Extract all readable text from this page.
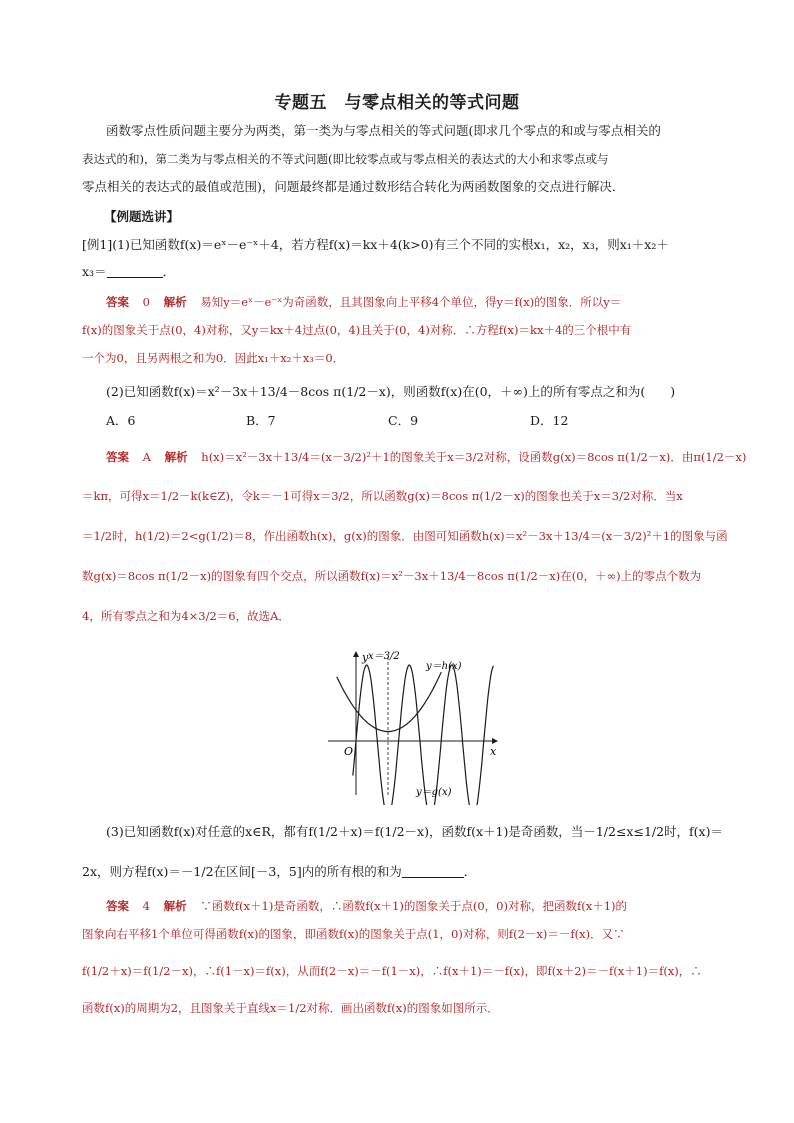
专题五　与零点相关的等式问题
函数零点性质问题主要分为两类，第一类为与零点相关的等式问题(即求几个零点的和或与零点相关的
表达式的和)，第二类为与零点相关的不等式问题(即比较零点或与零点相关的表达式的大小和求零点或与
零点相关的表达式的最值或范围)，问题最终都是通过数形结合转化为两函数图象的交点进行解决．
【例题选讲】
[例1](1)已知函数f(x)＝eˣ－e⁻ˣ＋4，若方程f(x)＝kx＋4(k>0)有三个不同的实根x₁，x₂，x₃，则x₁＋x₂＋
x₃＝	．
答案 0 解析 易知y＝eˣ－e⁻ˣ为奇函数，且其图象向上平移4个单位，得y＝f(x)的图象．所以y＝
f(x)的图象关于点(0，4)对称，又y＝kx＋4过点(0，4)且关于(0，4)对称．∴方程f(x)＝kx＋4的三个根中有
一个为0，且另两根之和为0．因此x₁＋x₂＋x₃＝0．
(2)已知函数f(x)＝x²－3x＋13/4－8cos π(1/2－x)，则函数f(x)在(0，＋∞)上的所有零点之和为(　　)
A．6	B．7	C．9	D．12
答案 A 解析 h(x)＝x²－3x＋13/4＝(x－3/2)²＋1的图象关于x＝3/2对称，设函数g(x)＝8cos π(1/2－x)．由π(1/2－x)
＝kπ，可得x＝1/2－k(k∈Z)，令k＝－1可得x＝3/2，所以函数g(x)＝8cos π(1/2－x)的图象也关于x＝3/2对称．当x
＝1/2时，h(1/2)＝2<g(1/2)＝8，作出函数h(x)，g(x)的图象．由图可知函数h(x)＝x²－3x＋13/4＝(x－3/2)²＋1的图象与函
数g(x)＝8cos π(1/2－x)的图象有四个交点，所以函数f(x)＝x²－3x＋13/4－8cos π(1/2－x)在(0，＋∞)上的零点个数为
4，所有零点之和为4×3/2＝6，故选A．
y
x
O
x＝3/2
y＝h(x)
y＝g(x)
(3)已知函数f(x)对任意的x∈R，都有f(1/2＋x)＝f(1/2－x)，函数f(x＋1)是奇函数，当－1/2≤x≤1/2时，f(x)＝
2x，则方程f(x)＝－1/2在区间[－3，5]内的所有根的和为	．
答案 4 解析 ∵函数f(x＋1)是奇函数，∴函数f(x＋1)的图象关于点(0，0)对称，把函数f(x＋1)的
图象向右平移1个单位可得函数f(x)的图象，即函数f(x)的图象关于点(1，0)对称，则f(2－x)＝－f(x)．又∵
f(1/2＋x)＝f(1/2－x)，∴f(1－x)＝f(x)，从而f(2－x)＝－f(1－x)，∴f(x＋1)＝－f(x)，即f(x＋2)＝－f(x＋1)＝f(x)，∴
函数f(x)的周期为2，且图象关于直线x＝1/2对称．画出函数f(x)的图象如图所示．
